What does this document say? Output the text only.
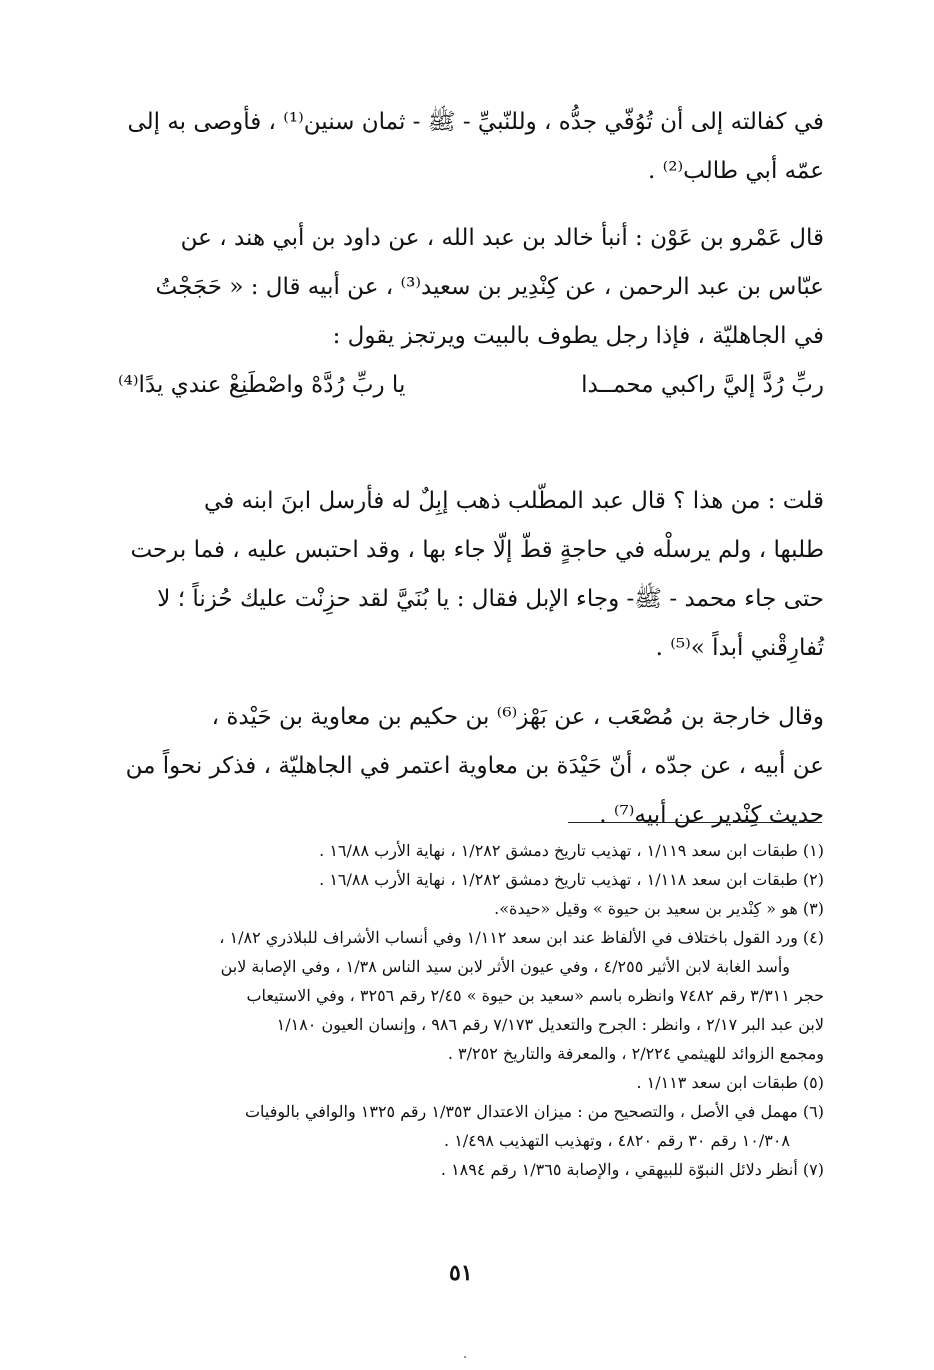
في كفالته إلى أن تُوُفّي جدُّه ، وللنّبيِّ - ﷺ - ثمان سنين⁽¹⁾ ، فأوصى به إلى
عمّه أبي طالب⁽²⁾ .
قال عَمْرو بن عَوْن : أنبأ خالد بن عبد الله ، عن داود بن أبي هند ، عن
عبّاس بن عبد الرحمن ، عن كِنْدِير بن سعيد⁽³⁾ ، عن أبيه قال : « حَجَجْتُ
في الجاهليّة ، فإذا رجل يطوف بالبيت ويرتجز يقول :
ربِّ رُدَّ إليَّ راكبي محمــدا
يا ربِّ رُدَّهْ واصْطَنِعْ عندي يدًا⁽⁴⁾
قلت : من هذا ؟ قال عبد المطّلب ذهب إبِلٌ له فأرسل ابنَ ابنه في
طلبها ، ولم يرسلْه في حاجةٍ قطّ إلّا جاء بها ، وقد احتبس عليه ، فما برحت
حتى جاء محمد - ﷺ- وجاء الإبل فقال : يا بُنَيَّ لقد حزِنْت عليك حُزناً ؛ لا
تُفارِقْني أبداً »⁽⁵⁾ .
وقال خارجة بن مُصْعَب ، عن بَهْز⁽⁶⁾ بن حكيم بن معاوية بن حَيْدة ،
عن أبيه ، عن جدّه ، أنّ حَيْدَة بن معاوية اعتمر في الجاهليّة ، فذكر نحواً من
حديث كِنْدير عن أبيه⁽⁷⁾ .
(١) طبقات ابن سعد ١/١١٩ ، تهذيب تاريخ دمشق ١/٢٨٢ ، نهاية الأرب ١٦/٨٨ .
(٢) طبقات ابن سعد ١/١١٨ ، تهذيب تاريخ دمشق ١/٢٨٢ ، نهاية الأرب ١٦/٨٨ .
(٣) هو « كِنْدير بن سعيد بن حيوة » وقيل «حيدة».
(٤) ورد القول باختلاف في الألفاظ عند ابن سعد ١/١١٢ وفي أنساب الأشراف للبلاذري ١/٨٢ ،
وأسد الغابة لابن الأثير ٤/٢٥٥ ، وفي عيون الأثر لابن سيد الناس ١/٣٨ ، وفي الإصابة لابن
حجر ٣/٣١١ رقم ٧٤٨٢ وانظره باسم «سعيد بن حيوة » ٢/٤٥ رقم ٣٢٥٦ ، وفي الاستيعاب
لابن عبد البر ٢/١٧ ، وانظر : الجرح والتعديل ٧/١٧٣ رقم ٩٨٦ ، وإنسان العيون ١/١٨٠
ومجمع الزوائد للهيثمي ٢/٢٢٤ ، والمعرفة والتاريخ ٣/٢٥٢ .
(٥) طبقات ابن سعد ١/١١٣ .
(٦) مهمل في الأصل ، والتصحيح من : ميزان الاعتدال ١/٣٥٣ رقم ١٣٢٥ والوافي بالوفيات
١٠/٣٠٨ رقم ٣٠ رقم ٤٨٢٠ ، وتهذيب التهذيب ١/٤٩٨ .
(٧) أنظر دلائل النبوّة للبيهقي ، والإصابة ١/٣٦٥ رقم ١٨٩٤ .
٥١
